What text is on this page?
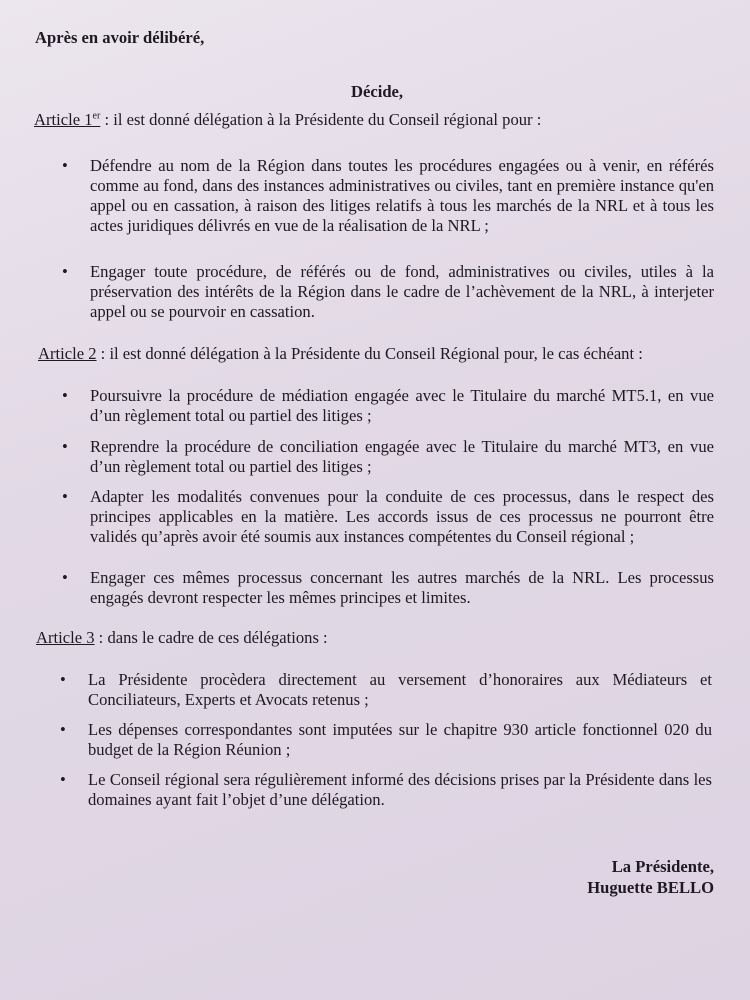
Après en avoir délibéré,
Décide,
Article 1er : il est donné délégation à la Présidente du Conseil régional pour :
• Défendre au nom de la Région dans toutes les procédures engagées ou à venir, en référés comme au fond, dans des instances administratives ou civiles, tant en première instance qu'en appel ou en cassation, à raison des litiges relatifs à tous les marchés de la NRL et à tous les actes juridiques délivrés en vue de la réalisation de la NRL ;
• Engager toute procédure, de référés ou de fond, administratives ou civiles, utiles à la préservation des intérêts de la Région dans le cadre de l’achèvement de la NRL, à interjeter appel ou se pourvoir en cassation.
Article 2 : il est donné délégation à la Présidente du Conseil Régional pour, le cas échéant :
• Poursuivre la procédure de médiation engagée avec le Titulaire du marché MT5.1, en vue d’un règlement total ou partiel des litiges ;
• Reprendre la procédure de conciliation engagée avec le Titulaire du marché MT3, en vue d’un règlement total ou partiel des litiges ;
• Adapter les modalités convenues pour la conduite de ces processus, dans le respect des principes applicables en la matière. Les accords issus de ces processus ne pourront être validés qu’après avoir été soumis aux instances compétentes du Conseil régional ;
• Engager ces mêmes processus concernant les autres marchés de la NRL. Les processus engagés devront respecter les mêmes principes et limites.
Article 3 : dans le cadre de ces délégations :
• La Présidente procèdera directement au versement d’honoraires aux Médiateurs et Conciliateurs, Experts et Avocats retenus ;
• Les dépenses correspondantes sont imputées sur le chapitre 930 article fonctionnel 020 du budget de la Région Réunion ;
• Le Conseil régional sera régulièrement informé des décisions prises par la Présidente dans les domaines ayant fait l’objet d’une délégation.
La Présidente,
Huguette BELLO
